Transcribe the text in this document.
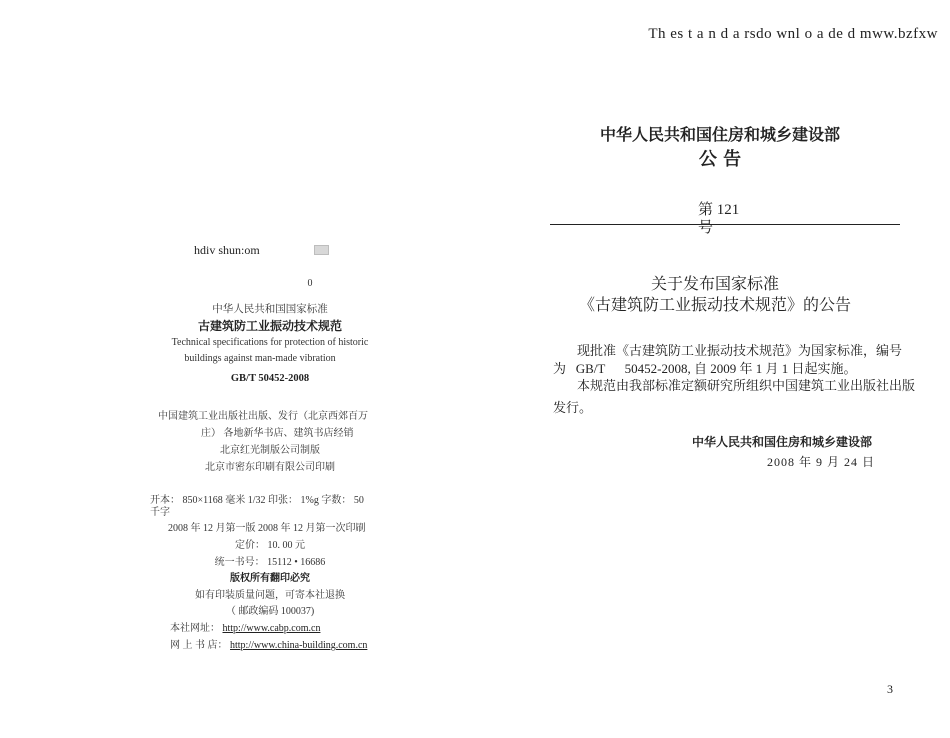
Th es t a n d a rsdo wnl o a de d mww.bzfxw
hdiv shun:om
0
中华人民共和国国家标准
古建筑防工业振动技术规范
Technical specifications for protection of historic
buildings against man-made vibration
GB/T 50452-2008
中国建筑工业出版社出版、发行（北京西郊百万
庄） 各地新华书店、建筑书店经销
北京红光制版公司制版
北京市密东印刷有限公司印刷
开本： 850×1168 毫米 1/32 印张： 1%g 字数： 50
千字
2008 年 12 月第一版 2008 年 12 月第一次印刷
定价： 10. 00 元
统一书号： 15112 • 16686
版权所有翻印必究
如有印装质量问题，可寄本社退换
（ 邮政编码 100037)
本社网址： http://www.cabp.com.cn
网 上 书 店： http://www.china-building.com.cn
中华人民共和国住房和城乡建设部
公 告
第 121
号
关于发布国家标准
《古建筑防工业振动技术规范》的公告
现批准《古建筑防工业振动技术规范》为国家标准，编号
为   GB/T      50452-2008, 自 2009 年 1 月 1 日起实施。
本规范由我部标准定额研究所组织中国建筑工业出版社出版
发行。
中华人民共和国住房和城乡建设部
2008 年 9 月 24 日
3
